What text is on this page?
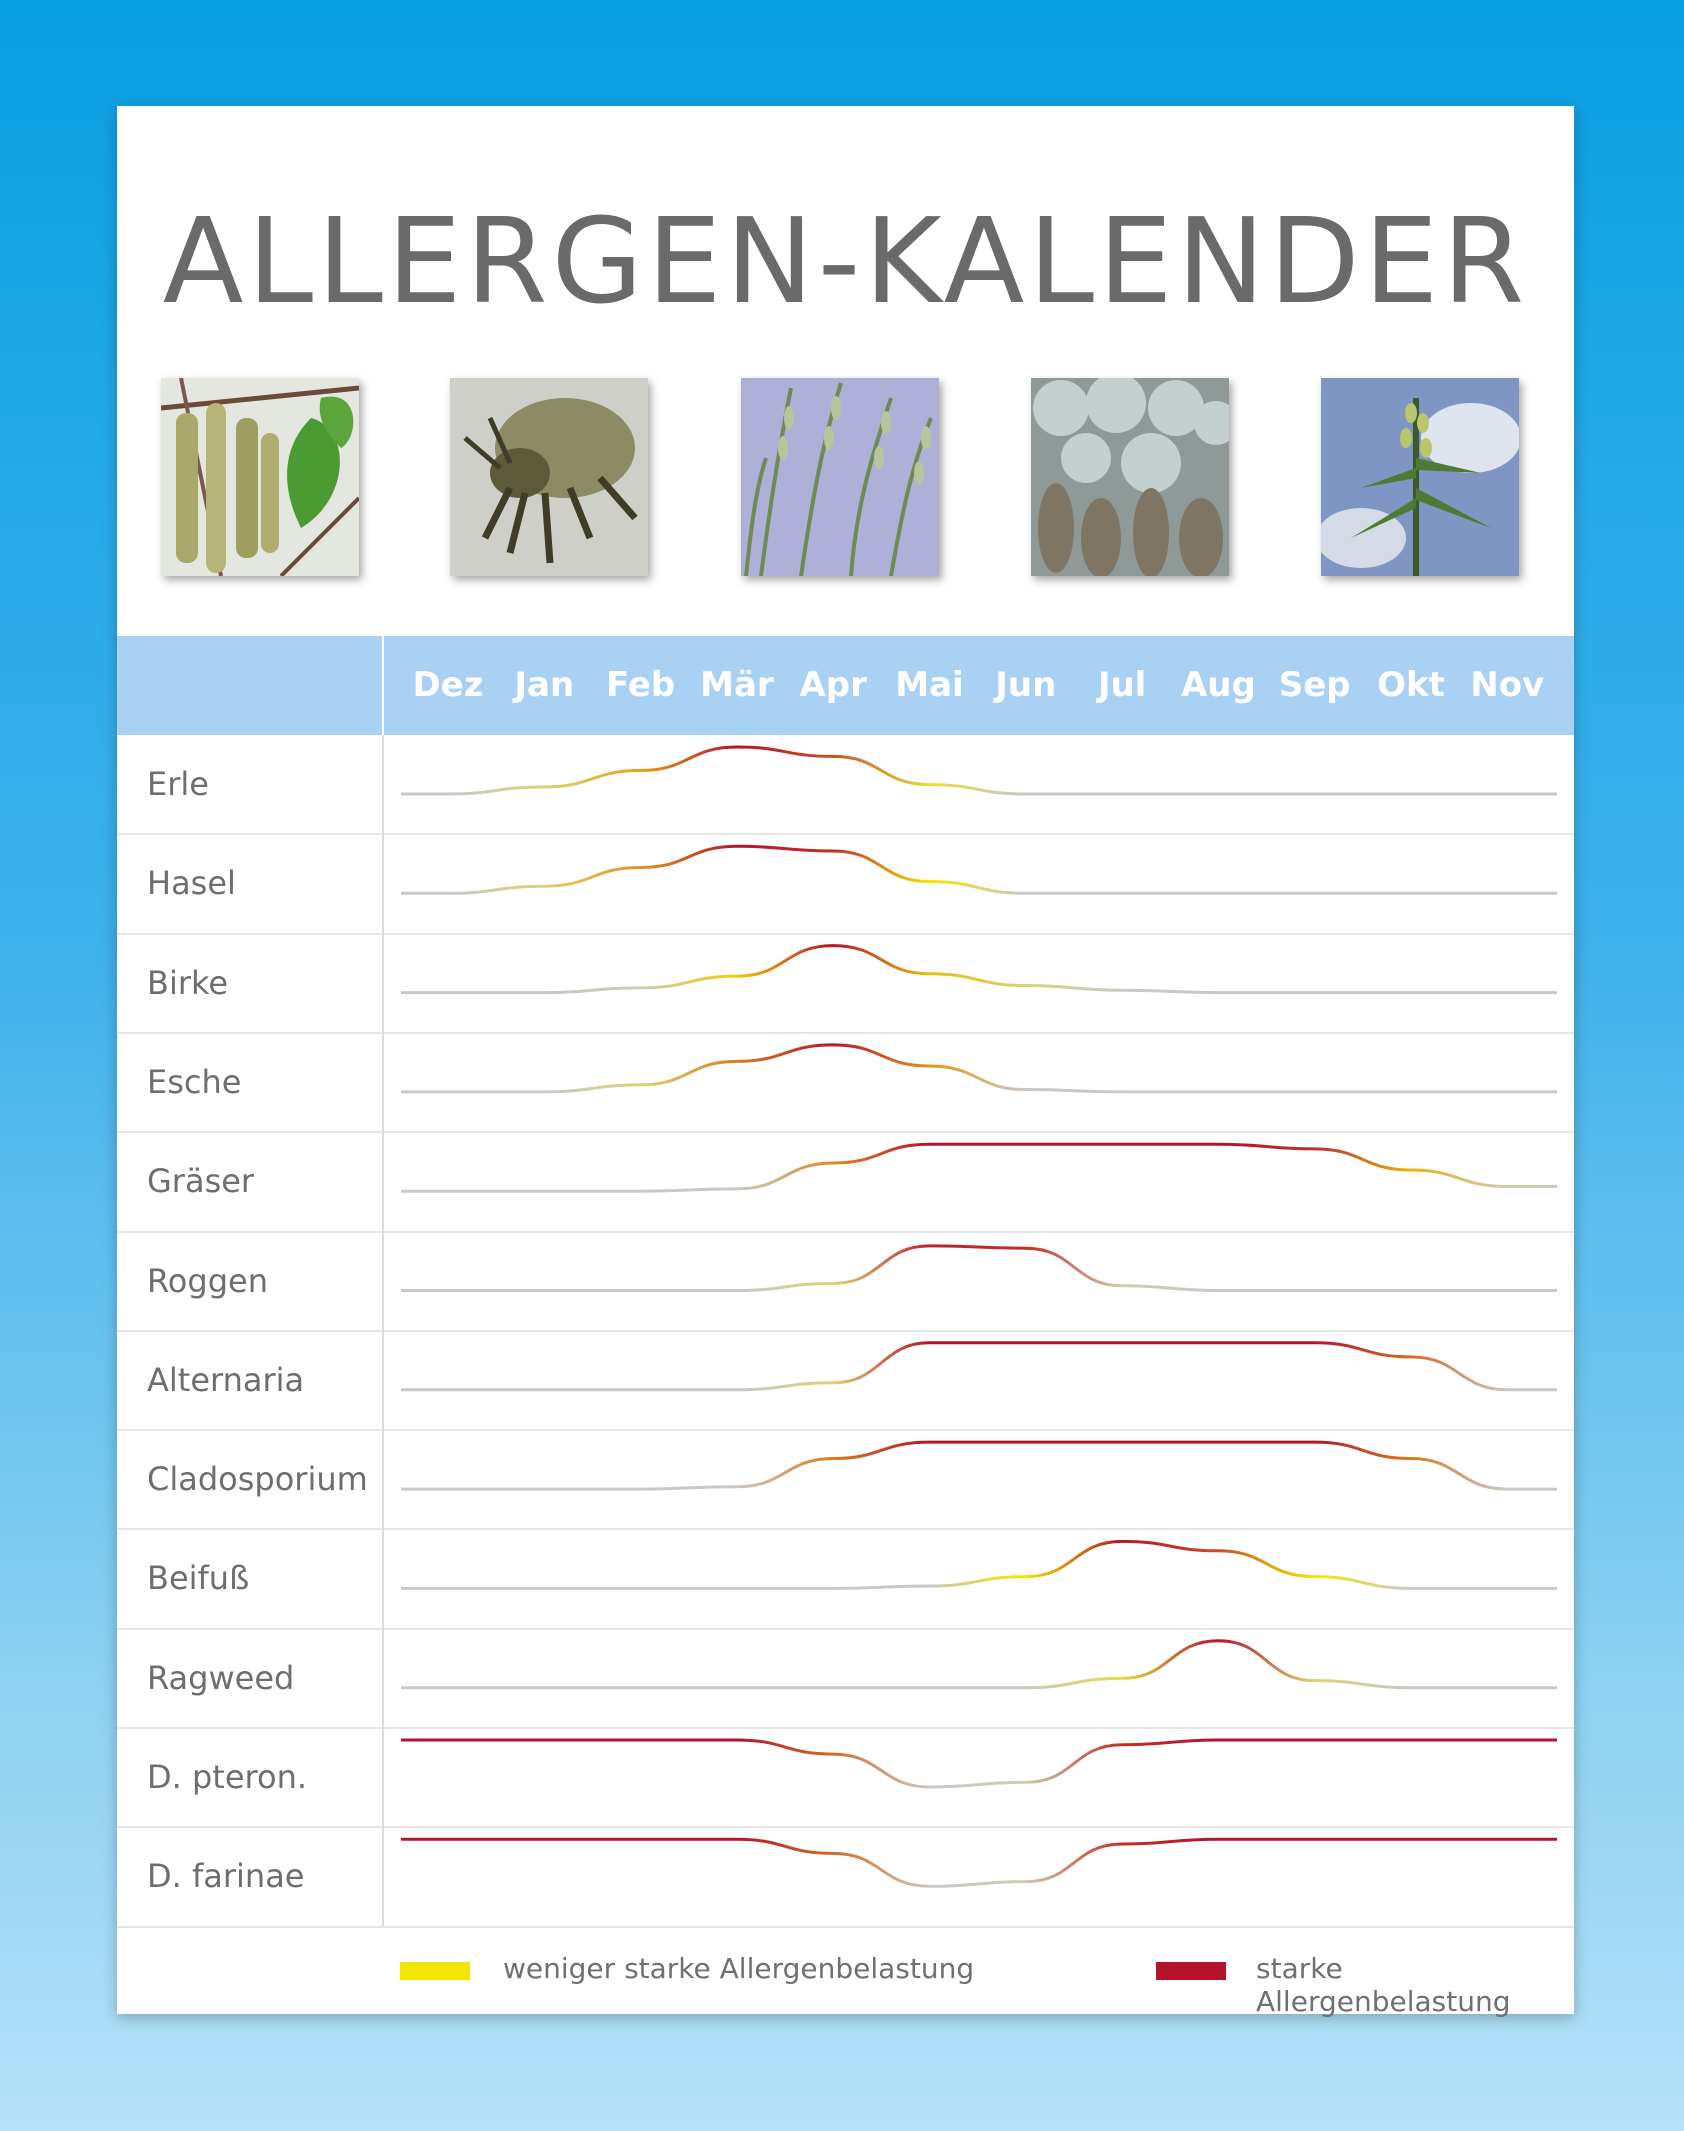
ALLERGEN-KALENDER
Dez Jan Feb Mär Apr Mai Jun	Jul	Aug Sep Okt Nov
Erle
Hasel
Birke
Esche
Gräser
Roggen
Alternaria
Cladosporium
Beifuß
Ragweed
D. pteron.
D. farinae
weniger starke Allergenbelastung	starke Allergenbelastung
